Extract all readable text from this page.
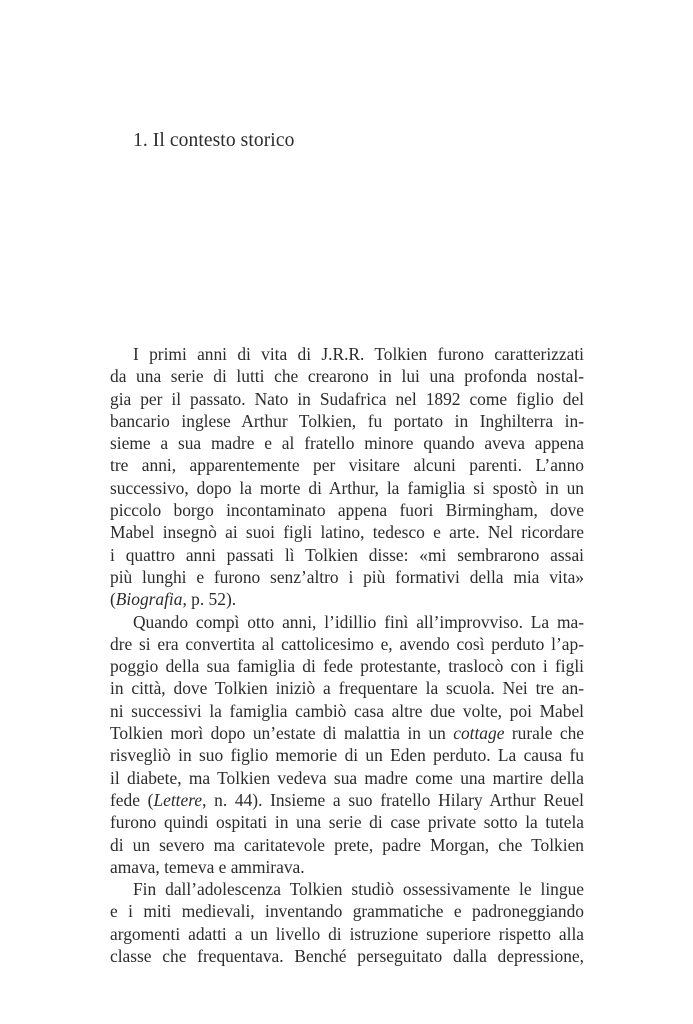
1. Il contesto storico
I primi anni di vita di J.R.R. Tolkien furono caratterizzati
da una serie di lutti che crearono in lui una profonda nostal-
gia per il passato. Nato in Sudafrica nel 1892 come figlio del
bancario inglese Arthur Tolkien, fu portato in Inghilterra in-
sieme a sua madre e al fratello minore quando aveva appena
tre anni, apparentemente per visitare alcuni parenti. L’anno
successivo, dopo la morte di Arthur, la famiglia si spostò in un
piccolo borgo incontaminato appena fuori Birmingham, dove
Mabel insegnò ai suoi figli latino, tedesco e arte. Nel ricordare
i quattro anni passati lì Tolkien disse: «mi sembrarono assai
più lunghi e furono senz’altro i più formativi della mia vita»
(Biografia, p. 52).
Quando compì otto anni, l’idillio finì all’improvviso. La ma-
dre si era convertita al cattolicesimo e, avendo così perduto l’ap-
poggio della sua famiglia di fede protestante, traslocò con i figli
in città, dove Tolkien iniziò a frequentare la scuola. Nei tre an-
ni successivi la famiglia cambiò casa altre due volte, poi Mabel
Tolkien morì dopo un’estate di malattia in un cottage rurale che
risvegliò in suo figlio memorie di un Eden perduto. La causa fu
il diabete, ma Tolkien vedeva sua madre come una martire della
fede (Lettere, n. 44). Insieme a suo fratello Hilary Arthur Reuel
furono quindi ospitati in una serie di case private sotto la tutela
di un severo ma caritatevole prete, padre Morgan, che Tolkien
amava, temeva e ammirava.
Fin dall’adolescenza Tolkien studiò ossessivamente le lingue
e i miti medievali, inventando grammatiche e padroneggiando
argomenti adatti a un livello di istruzione superiore rispetto alla
classe che frequentava. Benché perseguitato dalla depressione,
